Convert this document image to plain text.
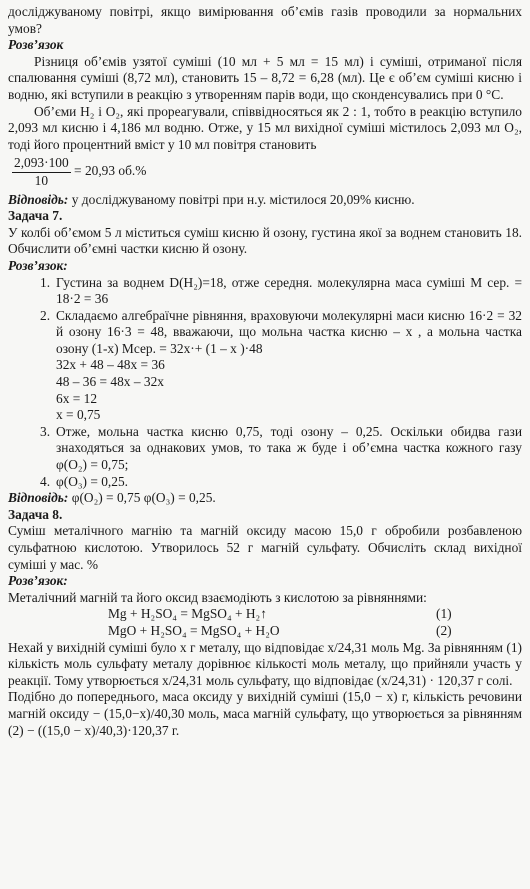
досліджуваному повітрі, якщо вимірювання об’ємів газів проводили за нормальних умов?

Розв’язок

Різниця об’ємів узятої суміші (10 мл + 5 мл = 15 мл) і суміші, отриманої після спалювання суміші (8,72 мл), становить 15 – 8,72 = 6,28 (мл). Це є об’єм суміші кисню і водню, які вступили в реакцію з утворенням парів води, що сконденсувались при 0 °С.

Об’єми H₂ і O₂, які прореагували, співвідносяться як 2 : 1, тобто в реакцію вступило 2,093 мл кисню і 4,186 мл водню. Отже, у 15 мл вихідної суміші містилось 2,093 мл O₂, тоді його процентний вміст у 10 мл повітря становить

$\frac{2,093\cdot 100}{10} = 20,93$ об.%

Відповідь: у досліджуваному повітрі при н.у. містилося 20,09% кисню.

Задача 7.

У колбі об’ємом 5 л міститься суміш кисню й озону, густина якої за воднем становить 18. Обчислити об’ємні частки кисню й озону.

Розв’язок:

1. Густина за воднем D(H₂)=18, отже середня. молекулярна маса суміші M сер. = 18·2 = 36
2. Складаємо алгебраїчне рівняння, враховуючи молекулярні маси кисню 16·2 = 32 й озону 16·3 = 48, вважаючи, що мольна частка кисню – x , а мольна частка озону (1-x) Mсер. = 32x·+ (1 – x )·48

32x + 48 – 48x = 36

48 – 36 = 48x – 32x

6x = 12

x = 0,75

3. Отже, мольна частка кисню 0,75, тоді озону – 0,25. Оскільки обидва гази знаходяться за однакових умов, то така ж буде і об’ємна частка кожного газу φ(O₂) = 0,75;
4. φ(O₃) = 0,25.

Відповідь: φ(O₂) = 0,75 φ(O₃) = 0,25.

Задача 8.

Суміш металічного магнію та магній оксиду масою 15,0 г обробили розбавленою сульфатною кислотою. Утворилось 52 г магній сульфату. Обчисліть склад вихідної суміші у мас. %

Розв’язок:

Металічний магній та його оксид взаємодіють з кислотою за рівняннями:

Mg + H₂SO₄ = MgSO₄ + H₂↑	(1)
MgO + H₂SO₄ = MgSO₄ + H₂O	(2)

Нехай у вихідній суміші було x г металу, що відповідає x/24,31 моль Mg. За рівнянням (1) кількість моль сульфату металу дорівнює кількості моль металу, що прийняли участь у реакції. Тому утворюється x/24,31 моль сульфату, що відповідає (x/24,31) · 120,37 г солі.

Подібно до попереднього, маса оксиду у вихідній суміші (15,0 − x) г, кількість речовини магній оксиду − (15,0−x)/40,30 моль, маса магній сульфату, що утворюється за рівнянням (2) − ((15,0 − x)/40,3)·120,37 г.
